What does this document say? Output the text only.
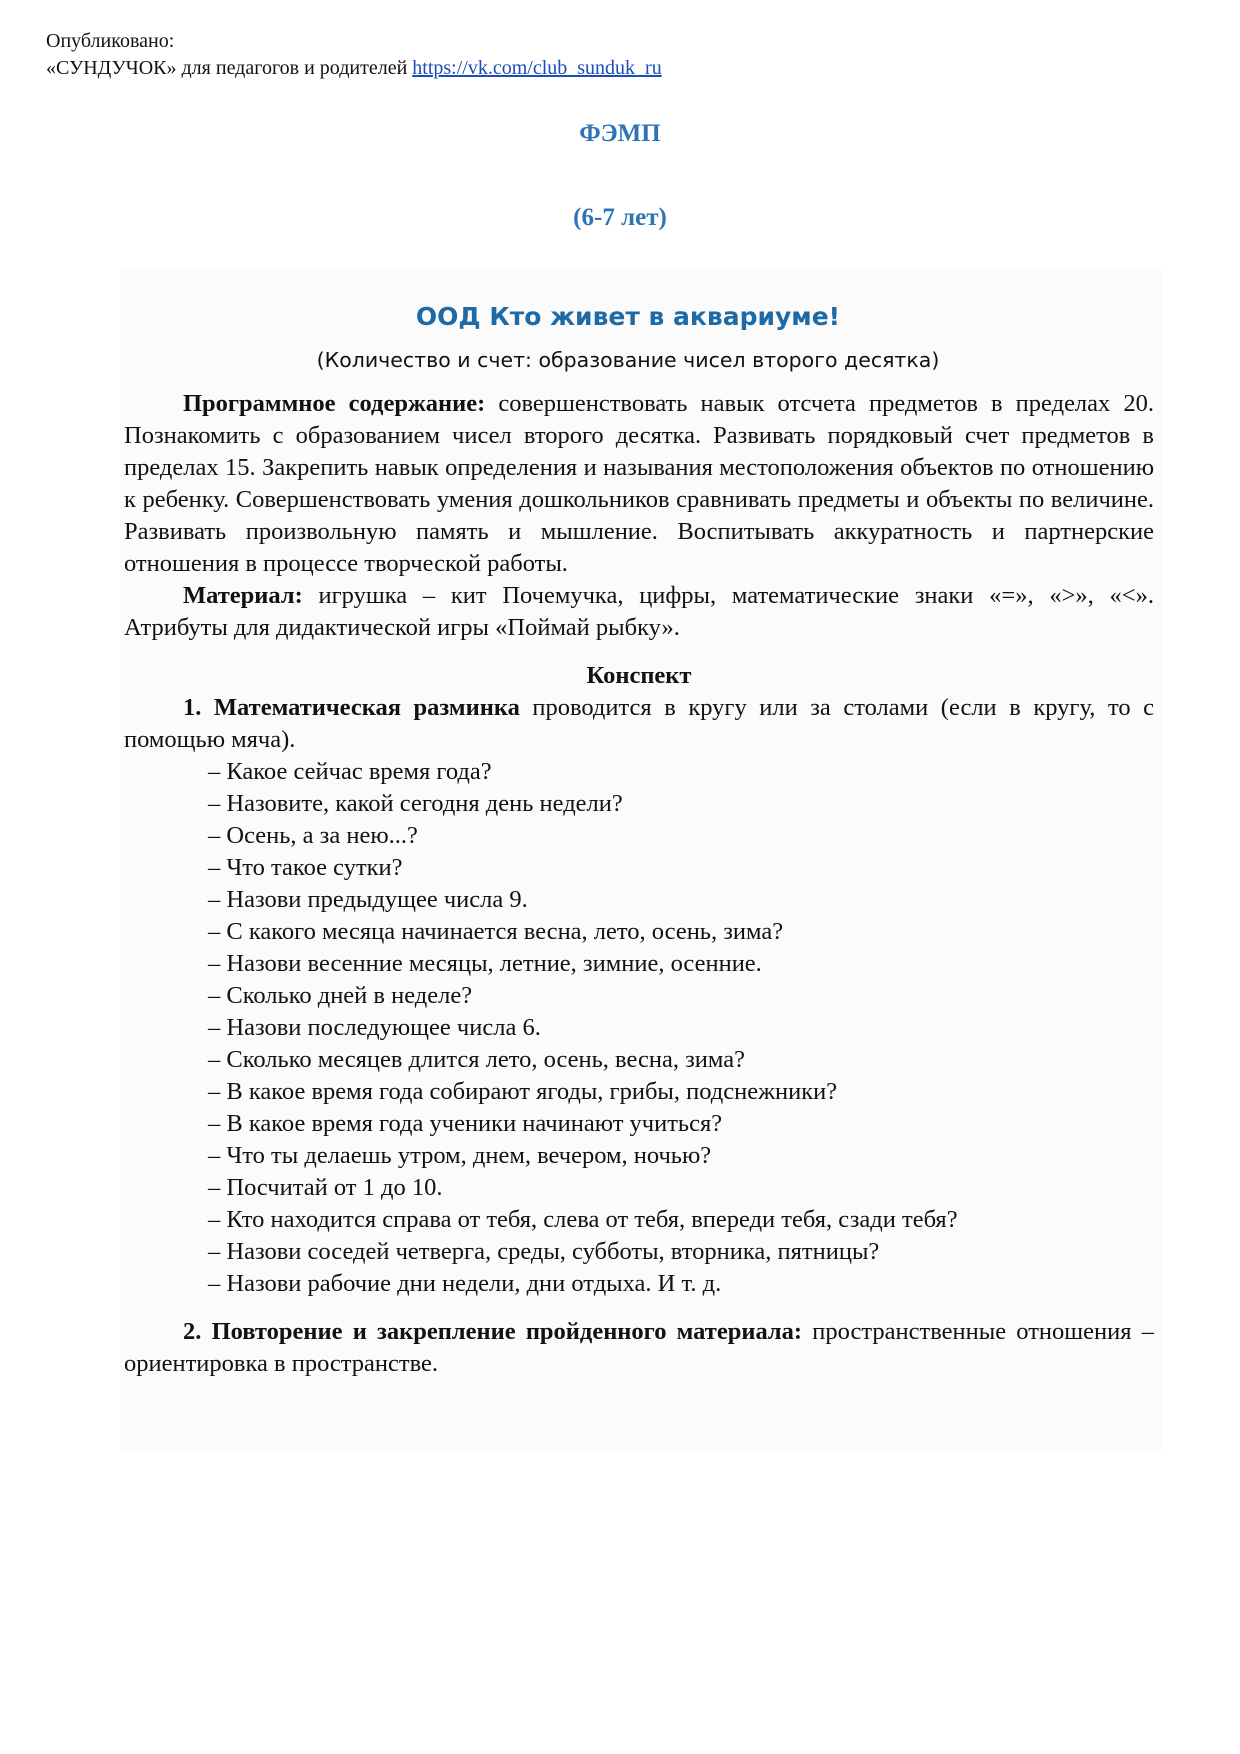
Опубликовано:
«СУНДУЧОК» для педагогов и родителей https://vk.com/club_sunduk_ru
ФЭМП
(6-7 лет)
ООД Кто живет в аквариуме!
(Количество и счет: образование чисел второго десятка)

Программное содержание: совершенствовать навык отсчета предметов в пределах 20. Познакомить с образованием чисел второго десятка. Развивать порядковый счет предметов в пределах 15. Закрепить навык определения и называния местоположения объектов по отношению к ребенку. Совершенствовать умения дошкольников сравнивать предметы и объекты по величине. Развивать произвольную память и мышление. Воспитывать аккуратность и партнерские отношения в процессе творческой работы.

Материал: игрушка – кит Почемучка, цифры, математические знаки «=», «>», «<». Атрибуты для дидактической игры «Поймай рыбку».

Конспект

1. Математическая разминка проводится в кругу или за столами (если в кругу, то с помощью мяча).

– Какое сейчас время года?
– Назовите, какой сегодня день недели?
– Осень, а за нею...?
– Что такое сутки?
– Назови предыдущее числа 9.
– С какого месяца начинается весна, лето, осень, зима?
– Назови весенние месяцы, летние, зимние, осенние.
– Сколько дней в неделе?
– Назови последующее числа 6.
– Сколько месяцев длится лето, осень, весна, зима?
– В какое время года собирают ягоды, грибы, подснежники?
– В какое время года ученики начинают учиться?
– Что ты делаешь утром, днем, вечером, ночью?
– Посчитай от 1 до 10.
– Кто находится справа от тебя, слева от тебя, впереди тебя, сзади тебя?
– Назови соседей четверга, среды, субботы, вторника, пятницы?
– Назови рабочие дни недели, дни отдыха. И т. д.

2. Повторение и закрепление пройденного материала: пространственные отношения – ориентировка в пространстве.
